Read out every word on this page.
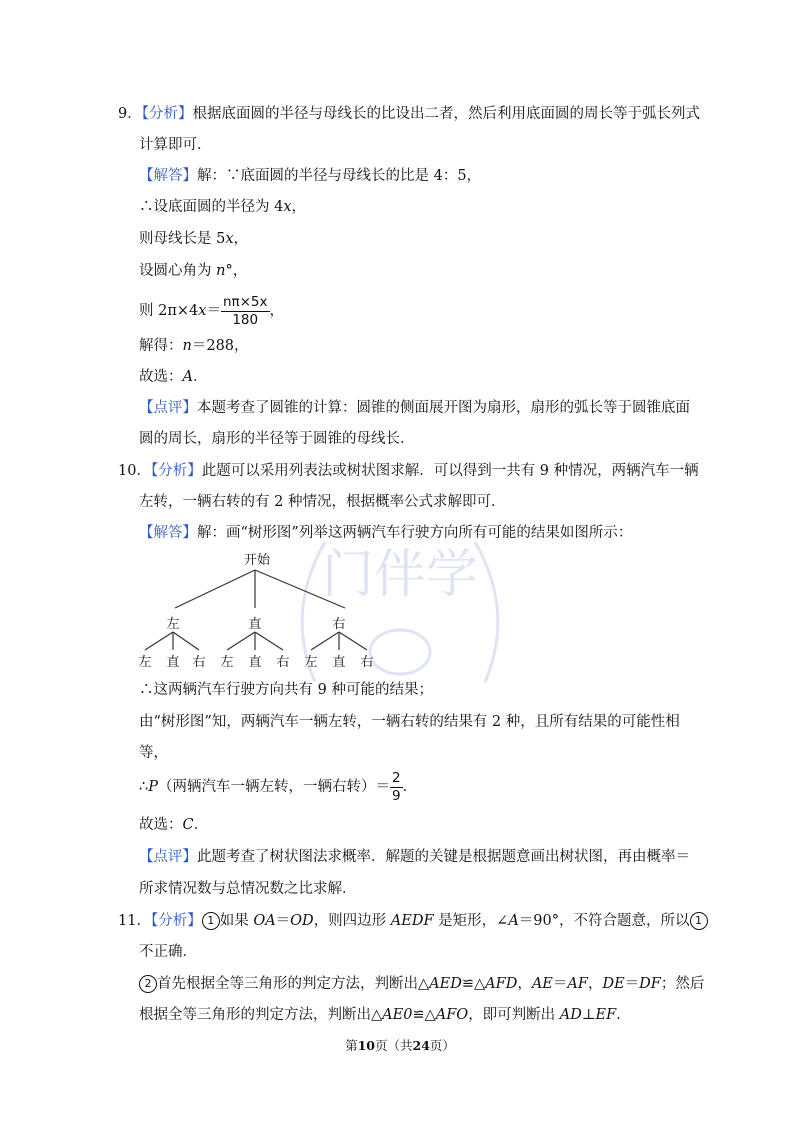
门伴学
9．【分析】根据底面圆的半径与母线长的比设出二者，然后利用底面圆的周长等于弧长列式
计算即可．
【解答】解：∵底面圆的半径与母线长的比是 4：5，
∴设底面圆的半径为 4x，
则母线长是 5x，
设圆心角为 n°，
则 $2\pi\times 4x= \frac{n\pi\times 5x}{180}$ ，
解得：n＝288，
故选：A．
【点评】本题考查了圆锥的计算：圆锥的侧面展开图为扇形，扇形的弧长等于圆锥底面
圆的周长，扇形的半径等于圆锥的母线长．
10．【分析】此题可以采用列表法或树状图求解．可以得到一共有 9 种情况，两辆汽车一辆
左转，一辆右转的有 2 种情况，根据概率公式求解即可．
【解答】解：画“树形图”列举这两辆汽车行驶方向所有可能的结果如图所示：
开始
左	直	右
左 直 右 左 直 右 左 直 右
∴这两辆汽车行驶方向共有 9 种可能的结果；
由“树形图”知，两辆汽车一辆左转，一辆右转的结果有 2 种，且所有结果的可能性相
等，
∴P（两辆汽车一辆左转，一辆右转）＝ $\frac{2}{9}$ ．
故选：C．
【点评】此题考查了树状图法求概率．解题的关键是根据题意画出树状图，再由概率＝
所求情况数与总情况数之比求解．
11．【分析】 1 如果 OA＝OD，则四边形 AEDF 是矩形，∠A＝90°，不符合题意，所以 1
不正确．
2 首先根据全等三角形的判定方法，判断出△AED≌△AFD，AE＝AF，DE＝DF；然后
根据全等三角形的判定方法，判断出△AE0≌△AFO，即可判断出 AD⊥EF．
第10页（共24页）
